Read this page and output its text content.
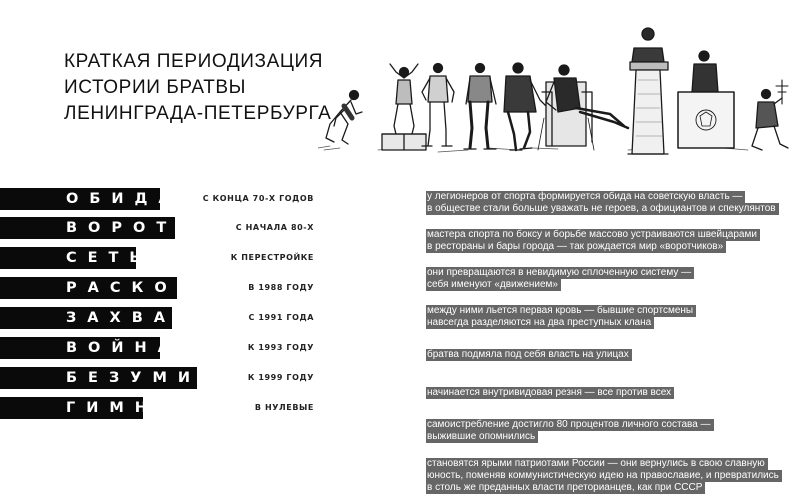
КРАТКАЯ ПЕРИОДИЗАЦИЯ
ИСТОРИИ БРАТВЫ
ЛЕНИНГРАДА-ПЕТЕРБУРГА
ОБИДА	С КОНЦА 70-Х ГОДОВ	у легионеров от спорта формируется обида на советскую власть —
в обществе стали больше уважать не героев, а официантов и спекулянтов
ВОРОТА	С НАЧАЛА 80-Х
мастера спорта по боксу и борьбе массово устраиваются швейцарами
в рестораны и бары города — так рождается мир «воротчиков»
СЕТЬ	К ПЕРЕСТРОЙКЕ
они превращаются в невидимую сплоченную систему —
себя именуют «движением»
РАСКОЛ	В 1988 ГОДУ
между ними льется первая кровь — бывшие спортсмены
навсегда разделяются на два преступных клана
ЗАХВАТ	С 1991 ГОДА
братва подмяла под себя власть на улицах
ВОЙНА	К 1993 ГОДУ
начинается внутривидовая резня — все против всех
БЕЗУМИЕ	К 1999 ГОДУ
самоистребление достигло 80 процентов личного состава —
выжившие опомнились
ГИМН	В НУЛЕВЫЕ
становятся ярыми патриотами России — они вернулись в свою славную
юность, поменяв коммунистическую идею на православие, и превратились
в столь же преданных власти преторианцев, как при СССР
